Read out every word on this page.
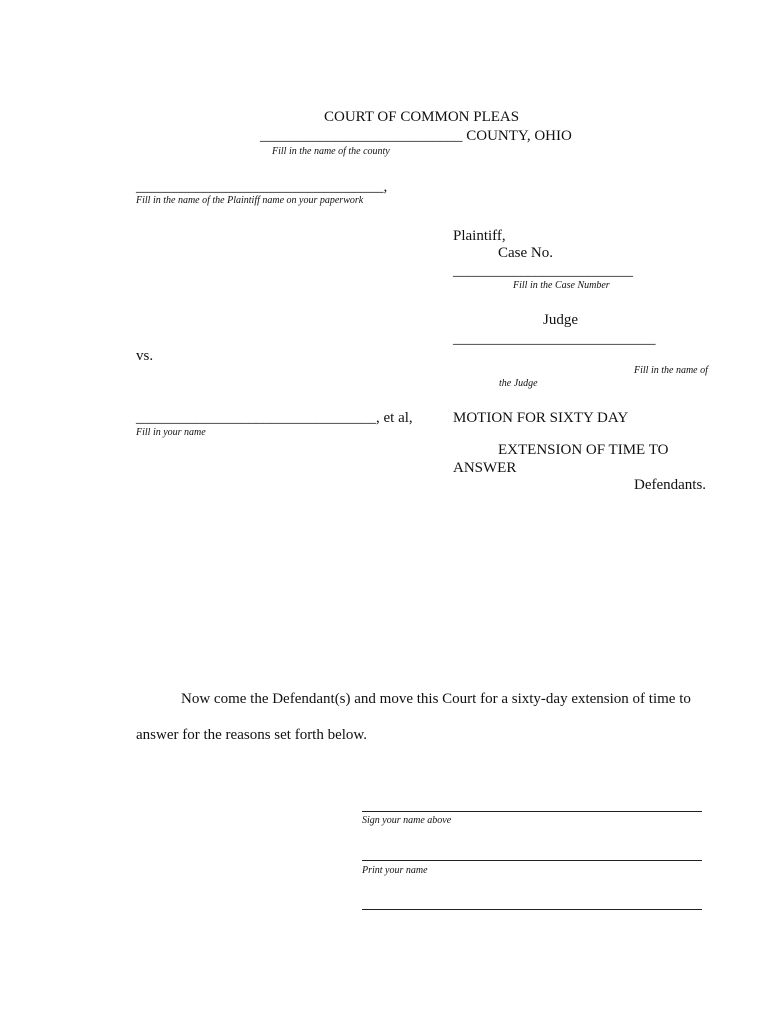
COURT OF COMMON PLEAS
___________________________ COUNTY, OHIO
Fill in the name of the county
_________________________________,
Fill in the name of the Plaintiff name on your paperwork
Plaintiff,
Case No.
________________________
Fill in the Case Number
Judge
___________________________
Fill in the name of
the Judge
vs.
________________________________, et al,
Fill in your name
MOTION FOR SIXTY DAY
EXTENSION OF TIME TO
ANSWER
Defendants.
Now come the Defendant(s) and move this Court for a sixty-day extension of time to
answer for the reasons set forth below.
Sign your name above
Print your name
